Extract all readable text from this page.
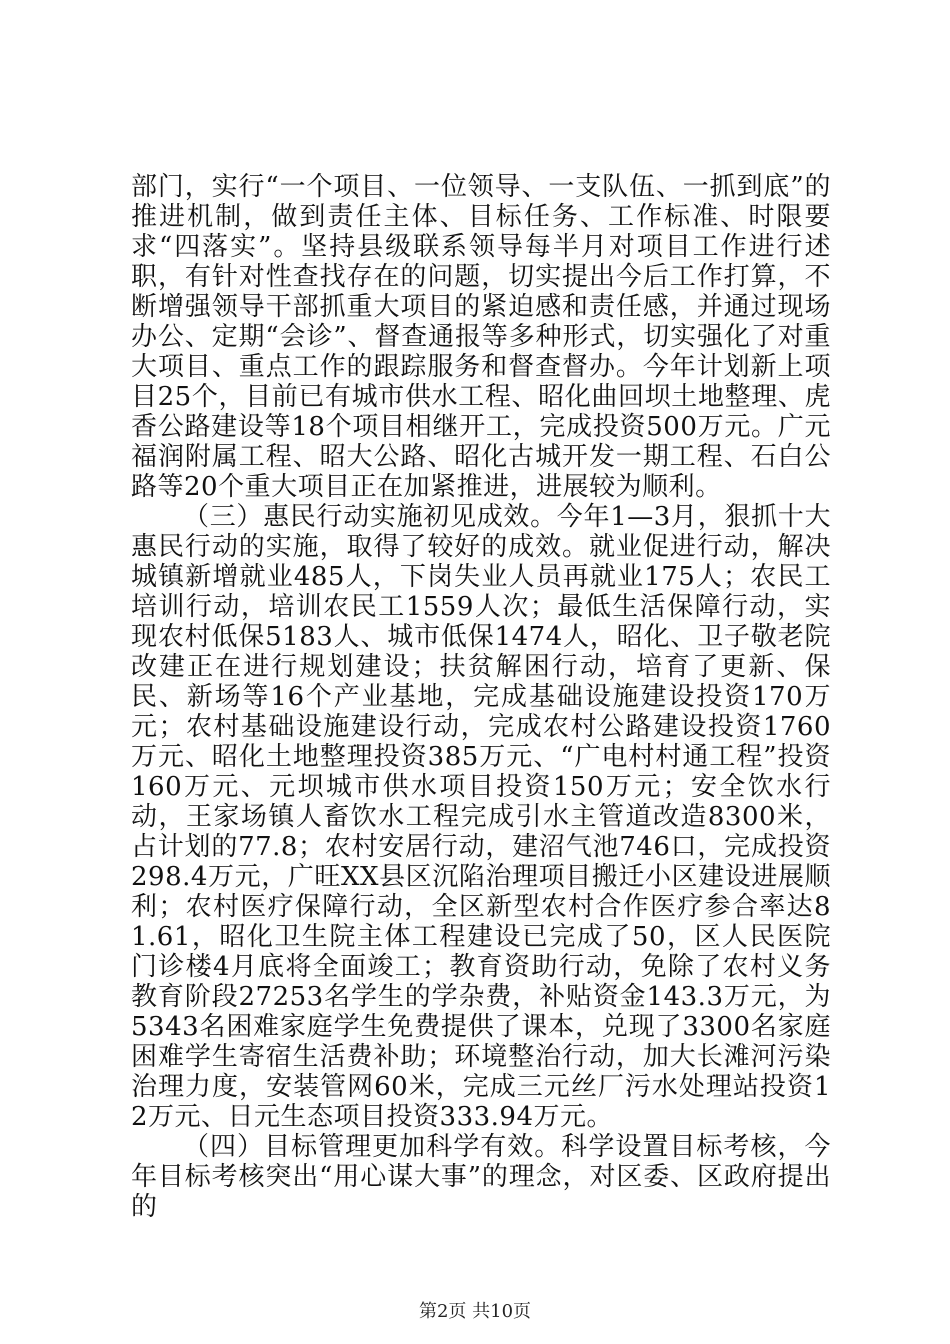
部门，实行“一个项目、一位领导、一支队伍、一抓到底”的推进机制，做到责任主体、目标任务、工作标准、时限要求“四落实”。坚持县级联系领导每半月对项目工作进行述职，有针对性查找存在的问题，切实提出今后工作打算，不断增强领导干部抓重大项目的紧迫感和责任感，并通过现场办公、定期“会诊”、督查通报等多种形式，切实强化了对重大项目、重点工作的跟踪服务和督查督办。今年计划新上项目25个，目前已有城市供水工程、昭化曲回坝土地整理、虎香公路建设等18个项目相继开工，完成投资500万元。广元福润附属工程、昭大公路、昭化古城开发一期工程、石白公路等20个重大项目正在加紧推进，进展较为顺利。

（三）惠民行动实施初见成效。今年1—3月，狠抓十大惠民行动的实施，取得了较好的成效。就业促进行动，解决城镇新增就业485人，下岗失业人员再就业175人；农民工培训行动，培训农民工1559人次；最低生活保障行动，实现农村低保5183人、城市低保1474人，昭化、卫子敬老院改建正在进行规划建设；扶贫解困行动，培育了更新、保民、新场等16个产业基地，完成基础设施建设投资170万元；农村基础设施建设行动，完成农村公路建设投资1760万元、昭化土地整理投资385万元、“广电村村通工程”投资160万元、元坝城市供水项目投资150万元；安全饮水行动，王家场镇人畜饮水工程完成引水主管道改造8300米，占计划的77.8；农村安居行动，建沼气池746口，完成投资298.4万元，广旺XX县区沉陷治理项目搬迁小区建设进展顺利；农村医疗保障行动，全区新型农村合作医疗参合率达81.61，昭化卫生院主体工程建设已完成了50，区人民医院门诊楼4月底将全面竣工；教育资助行动，免除了农村义务教育阶段27253名学生的学杂费，补贴资金143.3万元，为5343名困难家庭学生免费提供了课本，兑现了3300名家庭困难学生寄宿生活费补助；环境整治行动，加大长滩河污染治理力度，安装管网60米，完成三元丝厂污水处理站投资12万元、日元生态项目投资333.94万元。

（四）目标管理更加科学有效。科学设置目标考核，今年目标考核突出“用心谋大事”的理念，对区委、区政府提出的

第2页 共10页
